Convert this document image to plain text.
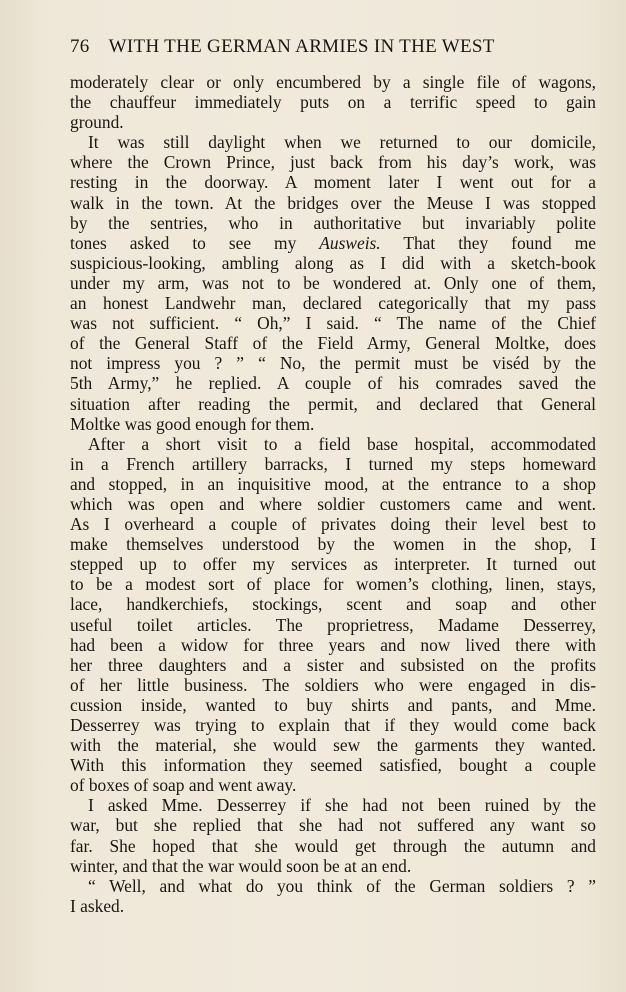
76 WITH THE GERMAN ARMIES IN THE WEST
moderately clear or only encumbered by a single file of wagons,
the chauffeur immediately puts on a terrific speed to gain
ground.
It was still daylight when we returned to our domicile,
where the Crown Prince, just back from his day’s work, was
resting in the doorway. A moment later I went out for a
walk in the town. At the bridges over the Meuse I was stopped
by the sentries, who in authoritative but invariably polite
tones asked to see my Ausweis. That they found me
suspicious-looking, ambling along as I did with a sketch-book
under my arm, was not to be wondered at. Only one of them,
an honest Landwehr man, declared categorically that my pass
was not sufficient. “ Oh,” I said. “ The name of the Chief
of the General Staff of the Field Army, General Moltke, does
not impress you ? ” “ No, the permit must be viséd by the
5th Army,” he replied. A couple of his comrades saved the
situation after reading the permit, and declared that General
Moltke was good enough for them.
After a short visit to a field base hospital, accommodated
in a French artillery barracks, I turned my steps homeward
and stopped, in an inquisitive mood, at the entrance to a shop
which was open and where soldier customers came and went.
As I overheard a couple of privates doing their level best to
make themselves understood by the women in the shop, I
stepped up to offer my services as interpreter. It turned out
to be a modest sort of place for women’s clothing, linen, stays,
lace, handkerchiefs, stockings, scent and soap and other
useful toilet articles. The proprietress, Madame Desserrey,
had been a widow for three years and now lived there with
her three daughters and a sister and subsisted on the profits
of her little business. The soldiers who were engaged in dis-
cussion inside, wanted to buy shirts and pants, and Mme.
Desserrey was trying to explain that if they would come back
with the material, she would sew the garments they wanted.
With this information they seemed satisfied, bought a couple
of boxes of soap and went away.
I asked Mme. Desserrey if she had not been ruined by the
war, but she replied that she had not suffered any want so
far. She hoped that she would get through the autumn and
winter, and that the war would soon be at an end.
“ Well, and what do you think of the German soldiers ? ”
I asked.
